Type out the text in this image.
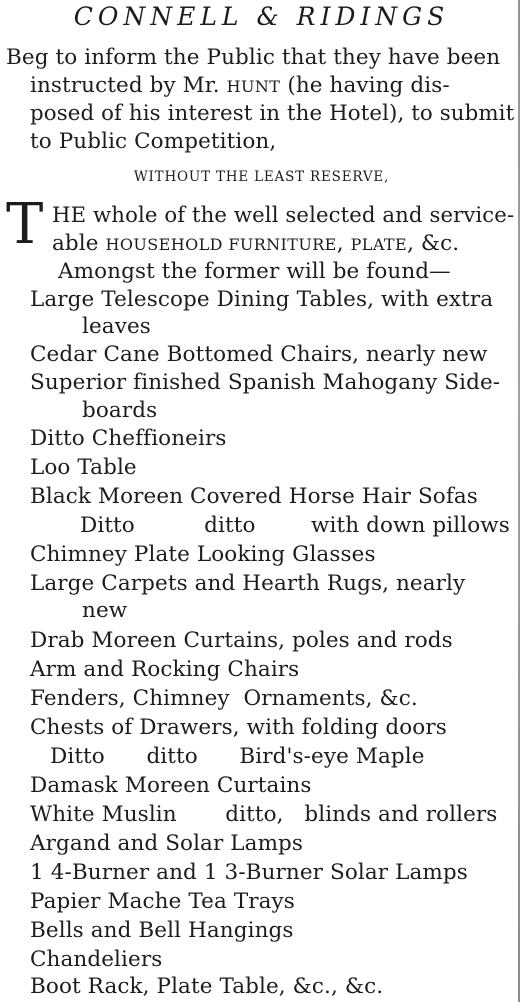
CONNELL & RIDINGS
Beg to inform the Public that they have been
instructed by Mr. HUNT (he having dis-
posed of his interest in the Hotel), to submit
to Public Competition,
WITHOUT THE LEAST RESERVE,
T HE whole of the well selected and service-
able HOUSEHOLD FURNITURE, PLATE, &c.
Amongst the former will be found—
Large Telescope Dining Tables, with extra
leaves
Cedar Cane Bottomed Chairs, nearly new
Superior finished Spanish Mahogany Side-
boards
Ditto Cheffioneirs
Loo Table
Black Moreen Covered Horse Hair Sofas
Ditto          ditto        with down pillows
Chimney Plate Looking Glasses
Large Carpets and Hearth Rugs, nearly
new
Drab Moreen Curtains, poles and rods
Arm and Rocking Chairs
Fenders, Chimney  Ornaments, &c.
Chests of Drawers, with folding doors
Ditto      ditto      Bird's-eye Maple
Damask Moreen Curtains
White Muslin       ditto,   blinds and rollers
Argand and Solar Lamps
1 4-Burner and 1 3-Burner Solar Lamps
Papier Mache Tea Trays
Bells and Bell Hangings
Chandeliers
Boot Rack, Plate Table, &c., &c.
